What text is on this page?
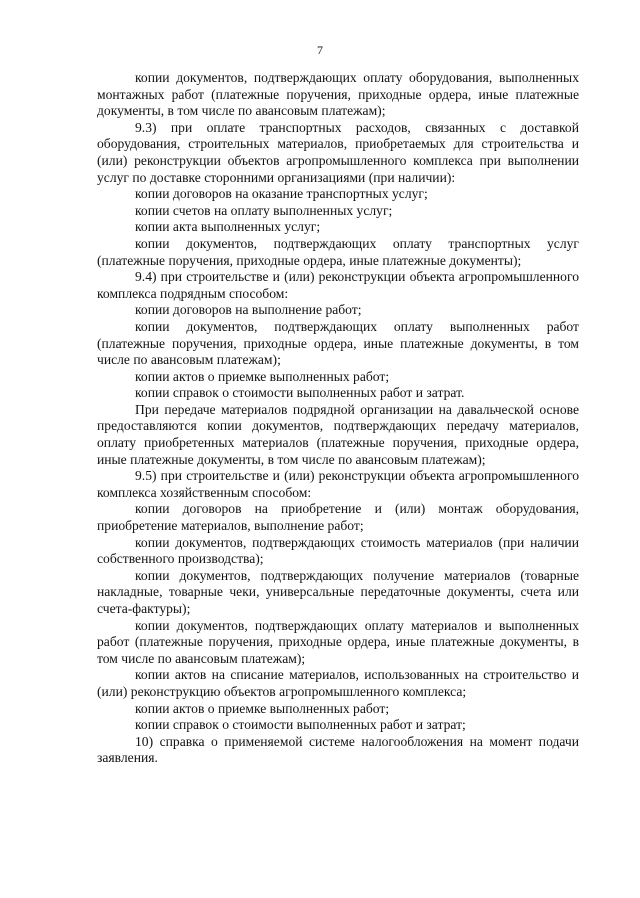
7

копии документов, подтверждающих оплату оборудования, выполненных монтажных работ (платежные поручения, приходные ордера, иные платежные документы, в том числе по авансовым платежам);

9.3) при оплате транспортных расходов, связанных с доставкой оборудования, строительных материалов, приобретаемых для строительства и (или) реконструкции объектов агропромышленного комплекса при выполнении услуг по доставке сторонними организациями (при наличии):

копии договоров на оказание транспортных услуг;

копии счетов на оплату выполненных услуг;

копии акта выполненных услуг;

копии документов, подтверждающих оплату транспортных услуг (платежные поручения, приходные ордера, иные платежные документы);

9.4) при строительстве и (или) реконструкции объекта агропромышленного комплекса подрядным способом:

копии договоров на выполнение работ;

копии документов, подтверждающих оплату выполненных работ (платежные поручения, приходные ордера, иные платежные документы, в том числе по авансовым платежам);

копии актов о приемке выполненных работ;

копии справок о стоимости выполненных работ и затрат.

При передаче материалов подрядной организации на давальческой основе предоставляются копии документов, подтверждающих передачу материалов, оплату приобретенных материалов (платежные поручения, приходные ордера, иные платежные документы, в том числе по авансовым платежам);

9.5) при строительстве и (или) реконструкции объекта агропромышленного комплекса хозяйственным способом:

копии договоров на приобретение и (или) монтаж оборудования, приобретение материалов, выполнение работ;

копии документов, подтверждающих стоимость материалов (при наличии собственного производства);

копии документов, подтверждающих получение материалов (товарные накладные, товарные чеки, универсальные передаточные документы, счета или счета-фактуры);

копии документов, подтверждающих оплату материалов и выполненных работ (платежные поручения, приходные ордера, иные платежные документы, в том числе по авансовым платежам);

копии актов на списание материалов, использованных на строительство и (или) реконструкцию объектов агропромышленного комплекса;

копии актов о приемке выполненных работ;

копии справок о стоимости выполненных работ и затрат;

10) справка о применяемой системе налогообложения на момент подачи заявления.
